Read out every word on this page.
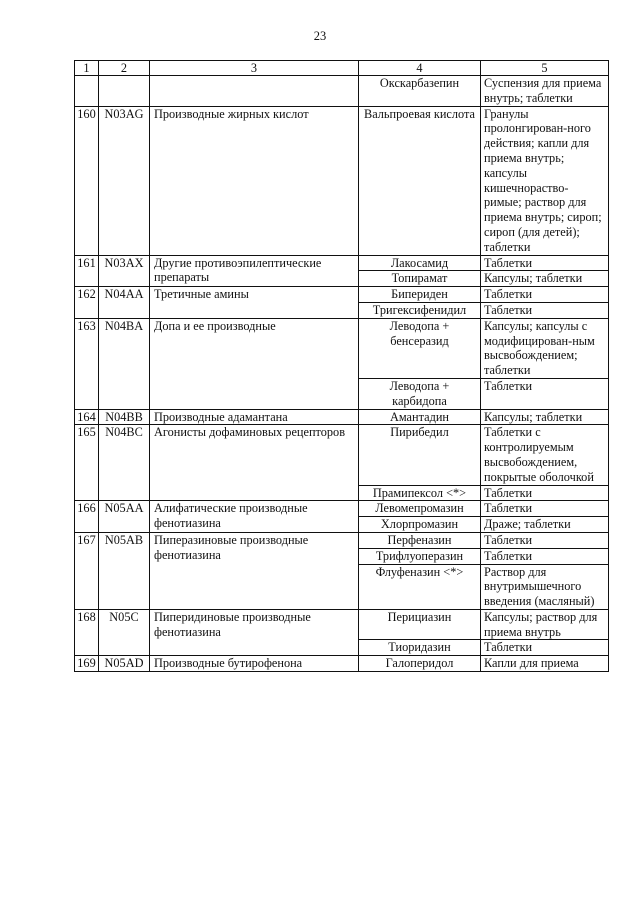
23
1	2	3	4	5
			Окскарбазепин	Суспензия для приема внутрь; таблетки
160	N03AG	Производные жирных кислот	Вальпроевая кислота	Гранулы пролонгирован-ного действия; капли для приема внутрь; капсулы кишечнораство-римые; раствор для приема внутрь; сироп; сироп (для детей); таблетки
161	N03AX	Другие противоэпилептические препараты	Лакосамид	Таблетки
			Топирамат	Капсулы; таблетки
162	N04AA	Третичные амины	Бипериден	Таблетки
			Тригексифенидил	Таблетки
163	N04BA	Допа и ее производные	Леводопа + бенсеразид	Капсулы; капсулы с модифицирован-ным высвобождением; таблетки
			Леводопа + карбидопа	Таблетки
164	N04BB	Производные адамантана	Амантадин	Капсулы; таблетки
165	N04BC	Агонисты дофаминовых рецепторов	Пирибедил	Таблетки с контролируемым высвобождением, покрытые оболочкой
			Прамипексол <*>	Таблетки
166	N05AA	Алифатические производные фенотиазина	Левомепромазин	Таблетки
			Хлорпромазин	Драже; таблетки
167	N05AB	Пиперазиновые производные фенотиазина	Перфеназин	Таблетки
			Трифлуоперазин	Таблетки
			Флуфеназин <*>	Раствор для внутримышечного введения (масляный)
168	N05C	Пиперидиновые производные фенотиазина	Перициазин	Капсулы; раствор для приема внутрь
			Тиоридазин	Таблетки
169	N05AD	Производные бутирофенона	Галоперидол	Капли для приема
